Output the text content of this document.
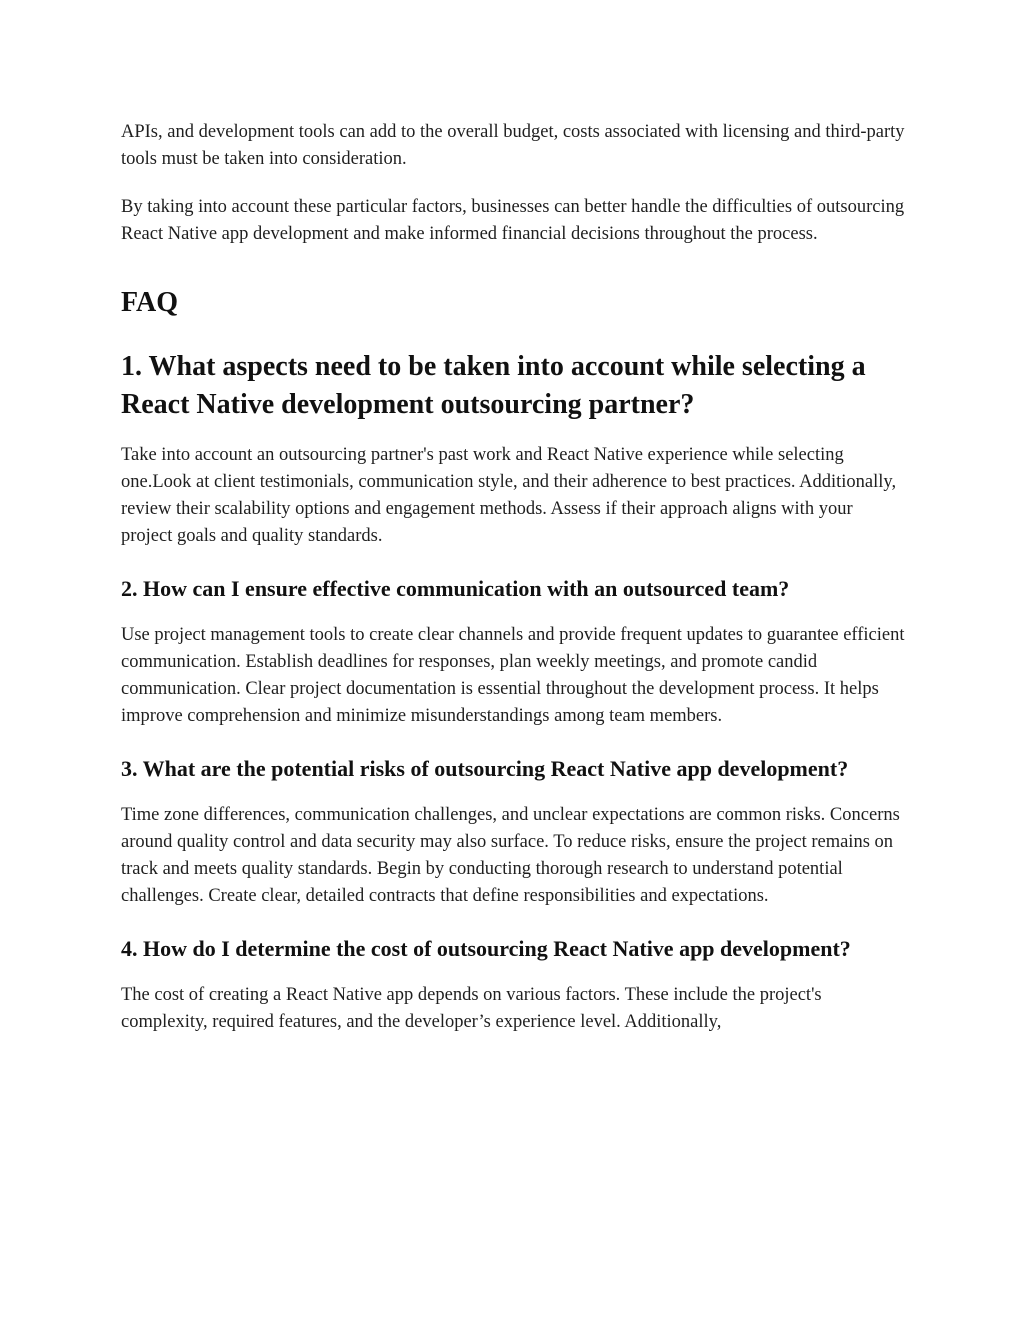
APIs, and development tools can add to the overall budget, costs associated with licensing and third-party tools must be taken into consideration.

By taking into account these particular factors, businesses can better handle the difficulties of outsourcing React Native app development and make informed financial decisions throughout the process.

FAQ
1. What aspects need to be taken into account while selecting a React Native development outsourcing partner?

Take into account an outsourcing partner's past work and React Native experience while selecting one.Look at client testimonials, communication style, and their adherence to best practices. Additionally, review their scalability options and engagement methods. Assess if their approach aligns with your project goals and quality standards.

2. How can I ensure effective communication with an outsourced team?

Use project management tools to create clear channels and provide frequent updates to guarantee efficient communication. Establish deadlines for responses, plan weekly meetings, and promote candid communication. Clear project documentation is essential throughout the development process. It helps improve comprehension and minimize misunderstandings among team members.

3. What are the potential risks of outsourcing React Native app development?

Time zone differences, communication challenges, and unclear expectations are common risks. Concerns around quality control and data security may also surface. To reduce risks, ensure the project remains on track and meets quality standards. Begin by conducting thorough research to understand potential challenges. Create clear, detailed contracts that define responsibilities and expectations.

4. How do I determine the cost of outsourcing React Native app development?

The cost of creating a React Native app depends on various factors. These include the project's complexity, required features, and the developer’s experience level. Additionally,
